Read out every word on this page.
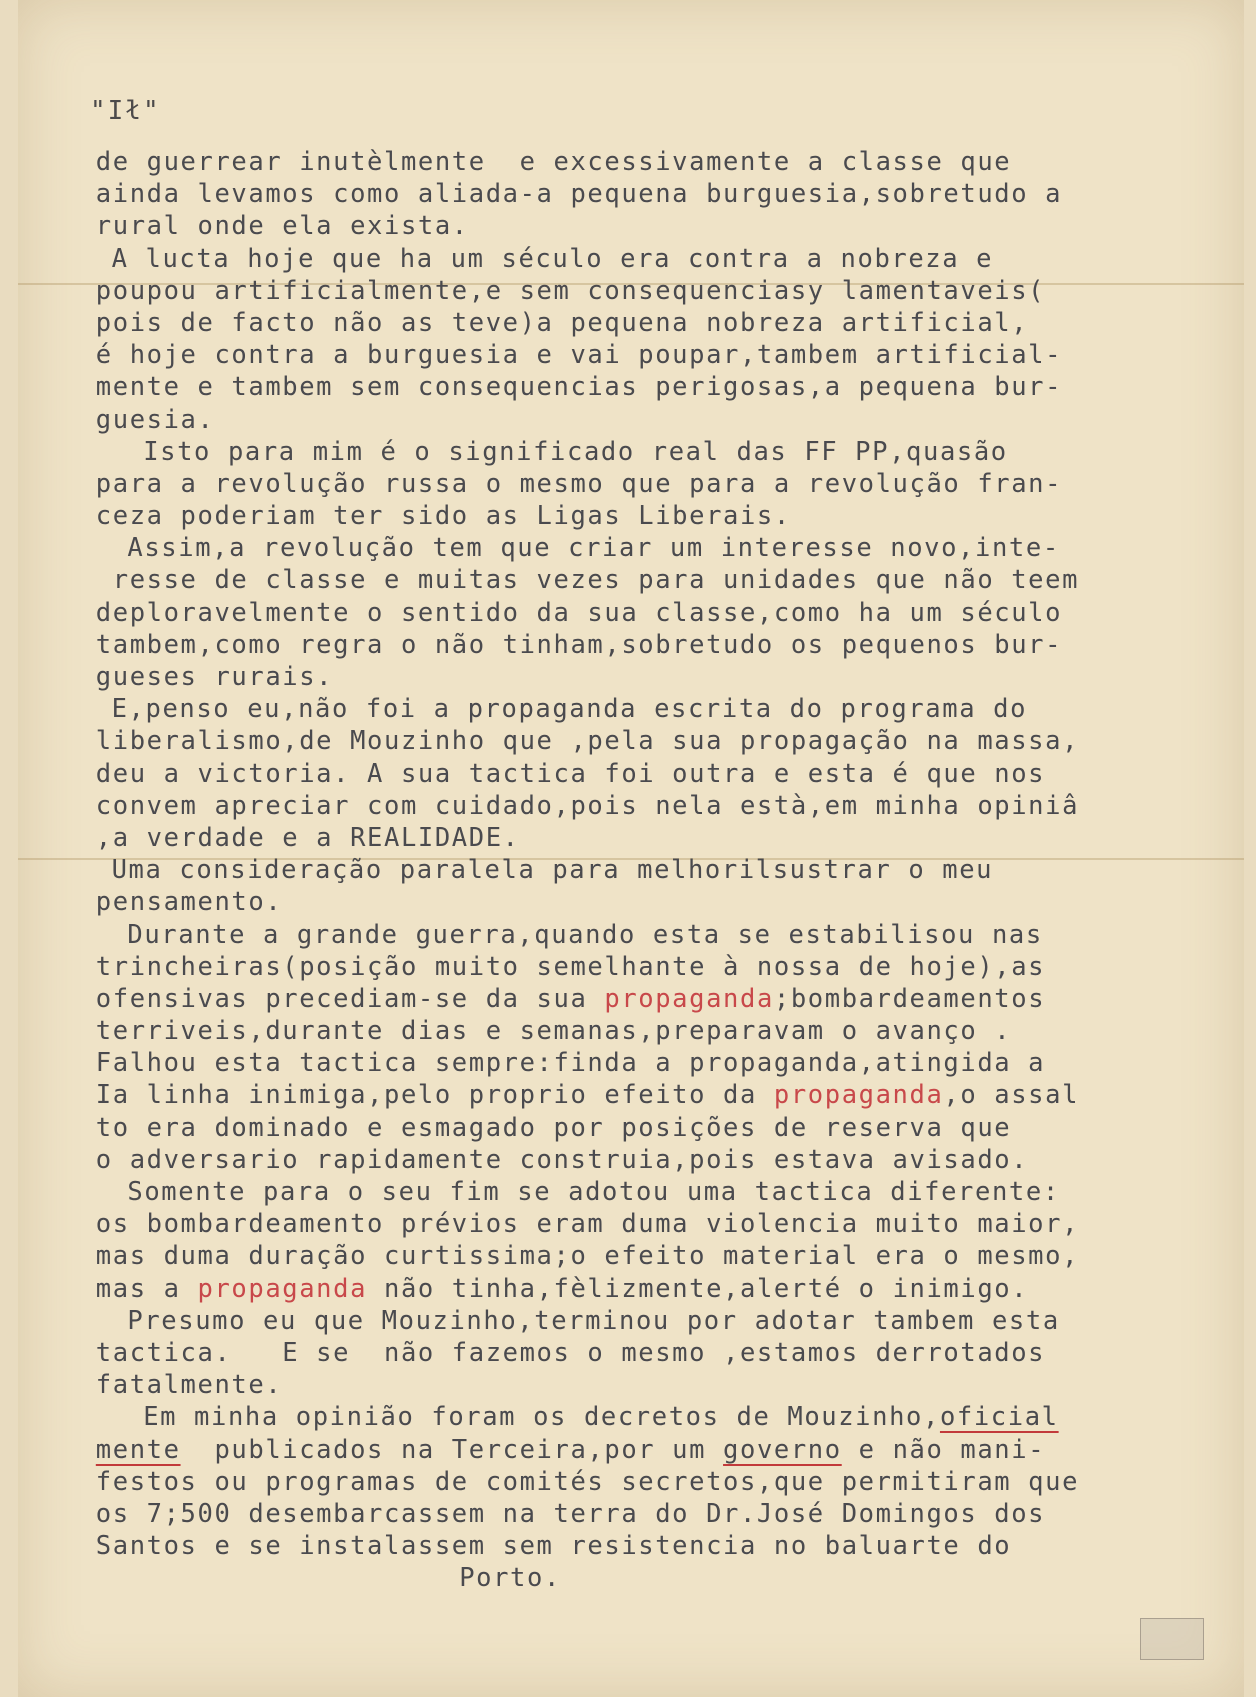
"Ił"
de guerrear inutèlmente  e excessivamente a classe que
ainda levamos como aliada-a pequena burguesia,sobretudo a
rural onde ela exista.
A lucta hoje que ha um século era contra a nobreza e
poupou artificialmente,e sem consequenciasy lamentaveis(
pois de facto não as teve)a pequena nobreza artificial,
é hoje contra a burguesia e vai poupar,tambem artificial-
mente e tambem sem consequencias perigosas,a pequena bur-
guesia.
Isto para mim é o significado real das FF PP,quasão
para a revolução russa o mesmo que para a revolução fran-
ceza poderiam ter sido as Ligas Liberais.
Assim,a revolução tem que criar um interesse novo,inte-
resse de classe e muitas vezes para unidades que não teem
deploravelmente o sentido da sua classe,como ha um século
tambem,como regra o não tinham,sobretudo os pequenos bur-
gueses rurais.
E,penso eu,não foi a propaganda escrita do programa do
liberalismo,de Mouzinho que ,pela sua propagação na massa,
deu a victoria. A sua tactica foi outra e esta é que nos
convem apreciar com cuidado,pois nela està,em minha opiniâ
,a verdade e a REALIDADE.
Uma consideração paralela para melhorilsustrar o meu
pensamento.
Durante a grande guerra,quando esta se estabilisou nas
trincheiras(posição muito semelhante à nossa de hoje),as
ofensivas precediam-se da sua propaganda;bombardeamentos
terriveis,durante dias e semanas,preparavam o avanço .
Falhou esta tactica sempre:finda a propaganda,atingida a
Ia linha inimiga,pelo proprio efeito da propaganda,o assal
to era dominado e esmagado por posições de reserva que
o adversario rapidamente construia,pois estava avisado.
Somente para o seu fim se adotou uma tactica diferente:
os bombardeamento prévios eram duma violencia muito maior,
mas duma duração curtissima;o efeito material era o mesmo,
mas a propaganda não tinha,fèlizmente,alerté o inimigo.
Presumo eu que Mouzinho,terminou por adotar tambem esta
tactica.   E se  não fazemos o mesmo ,estamos derrotados
fatalmente.
Em minha opinião foram os decretos de Mouzinho,oficial
mente  publicados na Terceira,por um governo e não mani-
festos ou programas de comités secretos,que permitiram que
os 7;500 desembarcassem na terra do Dr.José Domingos dos
Santos e se instalassem sem resistencia no baluarte do
Porto.
